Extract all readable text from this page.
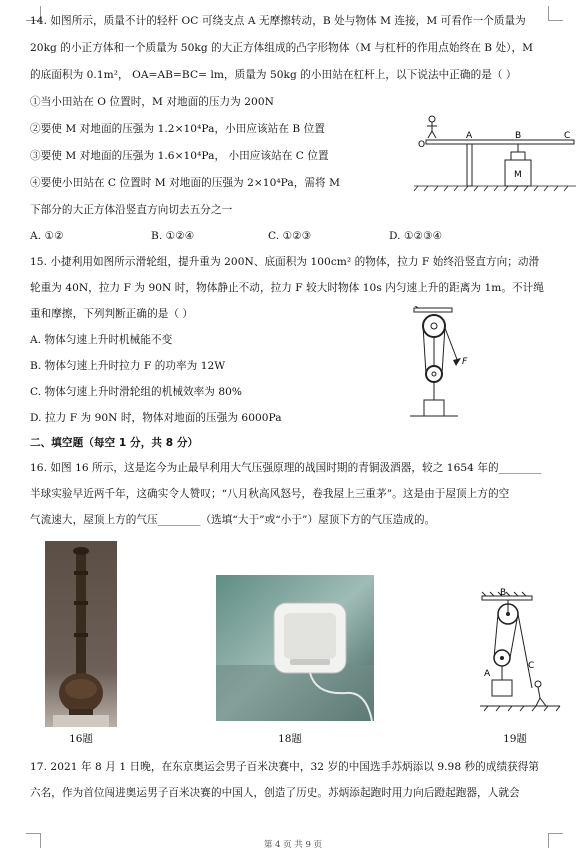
14. 如图所示，质量不计的轻杆 OC 可绕支点 A 无摩擦转动，B 处与物体 M 连接，M 可看作一个质量为
20kg 的小正方体和一个质量为 50kg 的大正方体组成的凸字形物体（M 与杠杆的作用点始终在 B 处），M
的底面积为 0.1m²， OA=AB=BC= lm，质量为 50kg 的小田站在杠杆上，以下说法中正确的是（ ）
①当小田站在 O 位置时，M 对地面的压力为 200N
②要使 M 对地面的压强为 1.2×10⁴Pa，小田应该站在 B 位置
③要使 M 对地面的压强为 1.6×10⁴Pa， 小田应该站在 C 位置
④要使小田站在 C 位置时 M 对地面的压强为 2×10⁴Pa，需将 M
下部分的大正方体沿竖直方向切去五分之一
A. ①②	B. ①②④	C. ①②③	D. ①②③④
O
A	B	C
M
15. 小捷利用如图所示滑轮组，提升重为 200N、底面积为 100cm² 的物体，拉力 F 始终沿竖直方向；动滑
轮重为 40N，拉力 F 为 90N 时，物体静止不动，拉力 F 较大时物体 10s 内匀速上升的距离为 1m。不计绳
重和摩擦，下列判断正确的是（ ）
A. 物体匀速上升时机械能不变
B. 物体匀速上升时拉力 F 的功率为 12W
C. 物体匀速上升时滑轮组的机械效率为 80%
D. 拉力 F 为 90N 时，物体对地面的压强为 6000Pa
F
二、填空题（每空 1 分，共 8 分）
16. 如图 16 所示，这是迄今为止最早利用大气压强原理的战国时期的青铜汲酒器，较之 1654 年的________
半球实验早近两千年，这确实令人赞叹；“八月秋高风怒号，卷我屋上三重茅”。这是由于屋顶上方的空
气流速大，屋顶上方的气压________（选填“大于”或“小于”）屋顶下方的气压造成的。
16题	18题
B
A
C
19题
17. 2021 年 8 月 1 日晚，在东京奥运会男子百米决赛中，32 岁的中国选手苏炳添以 9.98 秒的成绩获得第
六名，作为首位闯进奥运男子百米决赛的中国人，创造了历史。苏炳添起跑时用力向后蹬起跑器，人就会
第 4 页 共 9 页
